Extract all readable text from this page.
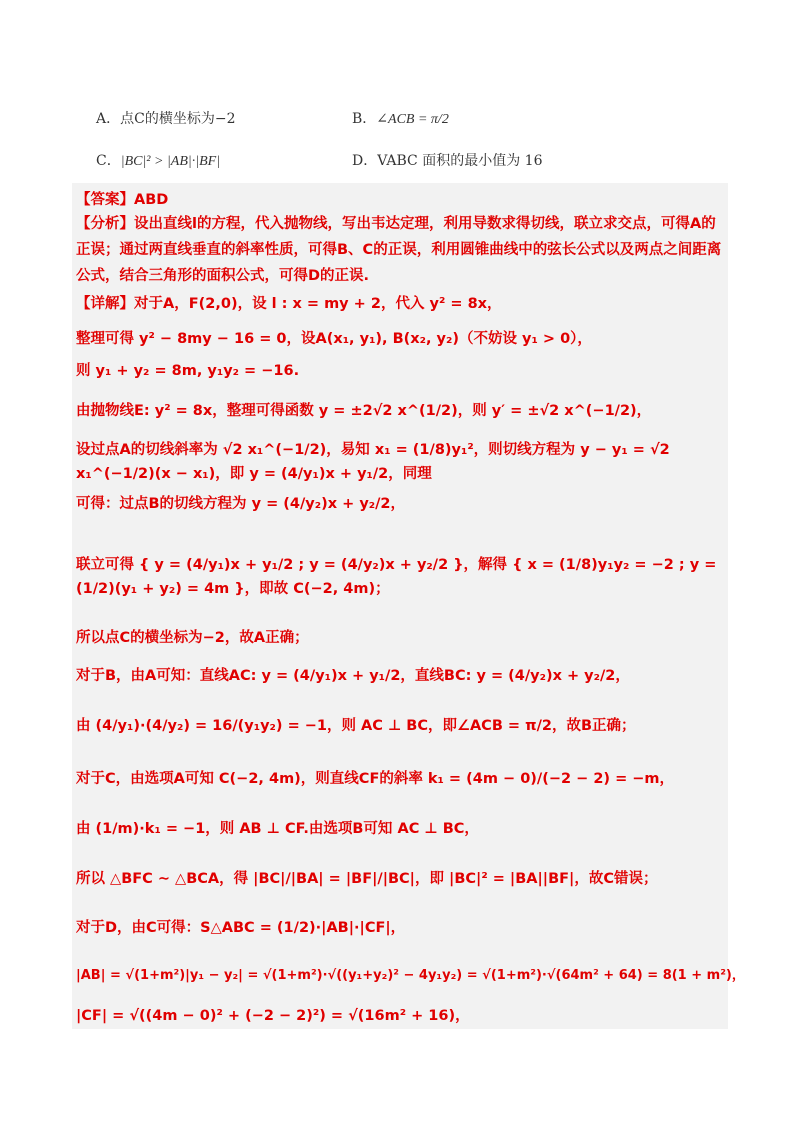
A．点C的横坐标为−2	B．∠ACB = π/2
C．|BC|² > |AB|·|BF|	D．VABC 面积的最小值为 16
【答案】ABD
【分析】设出直线l的方程，代入抛物线，写出韦达定理，利用导数求得切线，联立求交点，可得A的正误；通过两直线垂直的斜率性质，可得B、C的正误，利用圆锥曲线中的弦长公式以及两点之间距离公式，结合三角形的面积公式，可得D的正误.
【详解】对于A，F(2,0)，设 l : x = my + 2，代入 y² = 8x，
整理可得 y² − 8my − 16 = 0，设A(x₁, y₁), B(x₂, y₂)（不妨设 y₁ > 0），
则 y₁ + y₂ = 8m, y₁y₂ = −16.
由抛物线E: y² = 8x，整理可得函数 y = ±2√2 x^(1/2)，则 y′ = ±√2 x^(−1/2)，
设过点A的切线斜率为 √2 x₁^(−1/2)，易知 x₁ = (1/8)y₁²，则切线方程为 y − y₁ = √2 x₁^(−1/2)(x − x₁)，即 y = (4/y₁)x + y₁/2，同理
可得：过点B的切线方程为 y = (4/y₂)x + y₂/2，
联立可得 { y = (4/y₁)x + y₁/2 ; y = (4/y₂)x + y₂/2 }，解得 { x = (1/8)y₁y₂ = −2 ; y = (1/2)(y₁ + y₂) = 4m }，即故 C(−2, 4m)；
所以点C的横坐标为−2，故A正确；
对于B，由A可知：直线AC: y = (4/y₁)x + y₁/2，直线BC: y = (4/y₂)x + y₂/2，
由 (4/y₁)·(4/y₂) = 16/(y₁y₂) = −1，则 AC ⊥ BC，即∠ACB = π/2，故B正确；
对于C，由选项A可知 C(−2, 4m)，则直线CF的斜率 k₁ = (4m − 0)/(−2 − 2) = −m，
由 (1/m)·k₁ = −1，则 AB ⊥ CF.由选项B可知 AC ⊥ BC，
所以 △BFC ∼ △BCA，得 |BC|/|BA| = |BF|/|BC|，即 |BC|² = |BA||BF|，故C错误；
对于D，由C可得：S△ABC = (1/2)·|AB|·|CF|，
|AB| = √(1+m²)|y₁ − y₂| = √(1+m²)·√((y₁+y₂)² − 4y₁y₂) = √(1+m²)·√(64m² + 64) = 8(1 + m²)，
|CF| = √((4m − 0)² + (−2 − 2)²) = √(16m² + 16)，
